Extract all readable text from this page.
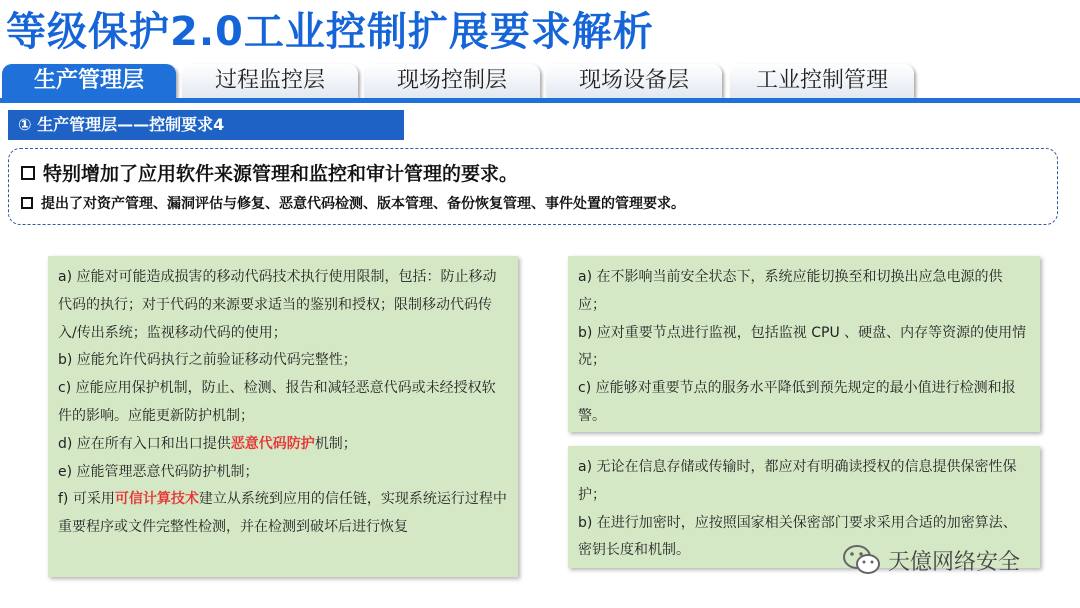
等级保护2.0工业控制扩展要求解析
生产管理层	过程监控层	现场控制层	现场设备层	工业控制管理
① 生产管理层——控制要求4
特别增加了应用软件来源管理和监控和审计管理的要求。
提出了对资产管理、漏洞评估与修复、恶意代码检测、版本管理、备份恢复管理、事件处置的管理要求。

a) 应能对可能造成损害的移动代码技术执行使用限制，包括：防止移动代码的执行；对于代码的来源要求适当的鉴别和授权；限制移动代码传入/传出系统；监视移动代码的使用；

b) 应能允许代码执行之前验证移动代码完整性；

c) 应能应用保护机制，防止、检测、报告和减轻恶意代码或未经授权软件的影响。应能更新防护机制；

d) 应在所有入口和出口提供恶意代码防护机制；

e) 应能管理恶意代码防护机制；

f) 可采用可信计算技术建立从系统到应用的信任链，实现系统运行过程中重要程序或文件完整性检测，并在检测到破坏后进行恢复

a) 在不影响当前安全状态下，系统应能切换至和切换出应急电源的供应；

b) 应对重要节点进行监视，包括监视 CPU 、硬盘、内存等资源的使用情况；

c) 应能够对重要节点的服务水平降低到预先规定的最小值进行检测和报警。

a) 无论在信息存储或传输时，都应对有明确读授权的信息提供保密性保护；

b) 在进行加密时，应按照国家相关保密部门要求采用合适的加密算法、密钥长度和机制。	天億网络安全
